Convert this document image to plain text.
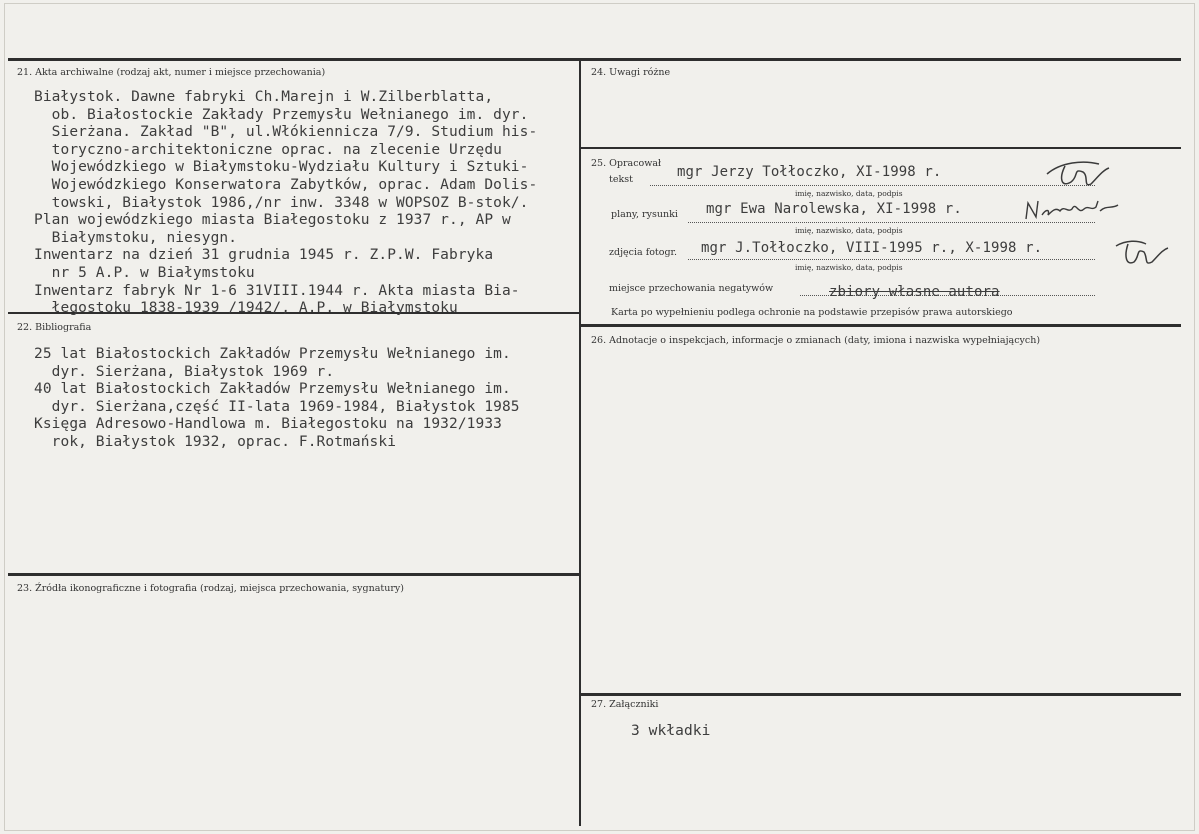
21. Akta archiwalne (rodzaj akt, numer i miejsce przechowania)
Białystok. Dawne fabryki Ch.Marejn i W.Zilberblatta,
ob. Białostockie Zakłady Przemysłu Wełnianego im. dyr.
Sierżana. Zakład "B", ul.Włókiennicza 7/9. Studium his-
toryczno-architektoniczne oprac. na zlecenie Urzędu
Wojewódzkiego w Białymstoku-Wydziału Kultury i Sztuki-
Wojewódzkiego Konserwatora Zabytków, oprac. Adam Dolis-
towski, Białystok 1986,/nr inw. 3348 w WOPSOZ B-stok/.
Plan wojewódzkiego miasta Białegostoku z 1937 r., AP w
Białymstoku, niesygn.
Inwentarz na dzień 31 grudnia 1945 r. Z.P.W. Fabryka
nr 5 A.P. w Białymstoku
Inwentarz fabryk Nr 1-6 31VIII.1944 r. Akta miasta Bia-
łegostoku 1838-1939 /1942/, A.P. w Białymstoku
22. Bibliografia
25 lat Białostockich Zakładów Przemysłu Wełnianego im.
dyr. Sierżana, Białystok 1969 r.
40 lat Białostockich Zakładów Przemysłu Wełnianego im.
dyr. Sierżana,część II-lata 1969-1984, Białystok 1985
Księga Adresowo-Handlowa m. Białegostoku na 1932/1933
rok, Białystok 1932, oprac. F.Rotmański
23. Źródła ikonograficzne i fotografia (rodzaj, miejsca przechowania, sygnatury)
24. Uwagi różne
25. Opracował
tekst	mgr Jerzy Tołłoczko, XI-1998 r.
imię, nazwisko, data, podpis
plany, rysunki mgr Ewa Narolewska, XI-1998 r.
imię, nazwisko, data, podpis
zdjęcia fotogr. mgr J.Tołłoczko, VIII-1995 r., X-1998 r.
imię, nazwisko, data, podpis
miejsce przechowania negatywów	zbiory własne autora
Karta po wypełnieniu podlega ochronie na podstawie przepisów prawa autorskiego
26. Adnotacje o inspekcjach, informacje o zmianach (daty, imiona i nazwiska wypełniających)
27. Załączniki
3 wkładki
